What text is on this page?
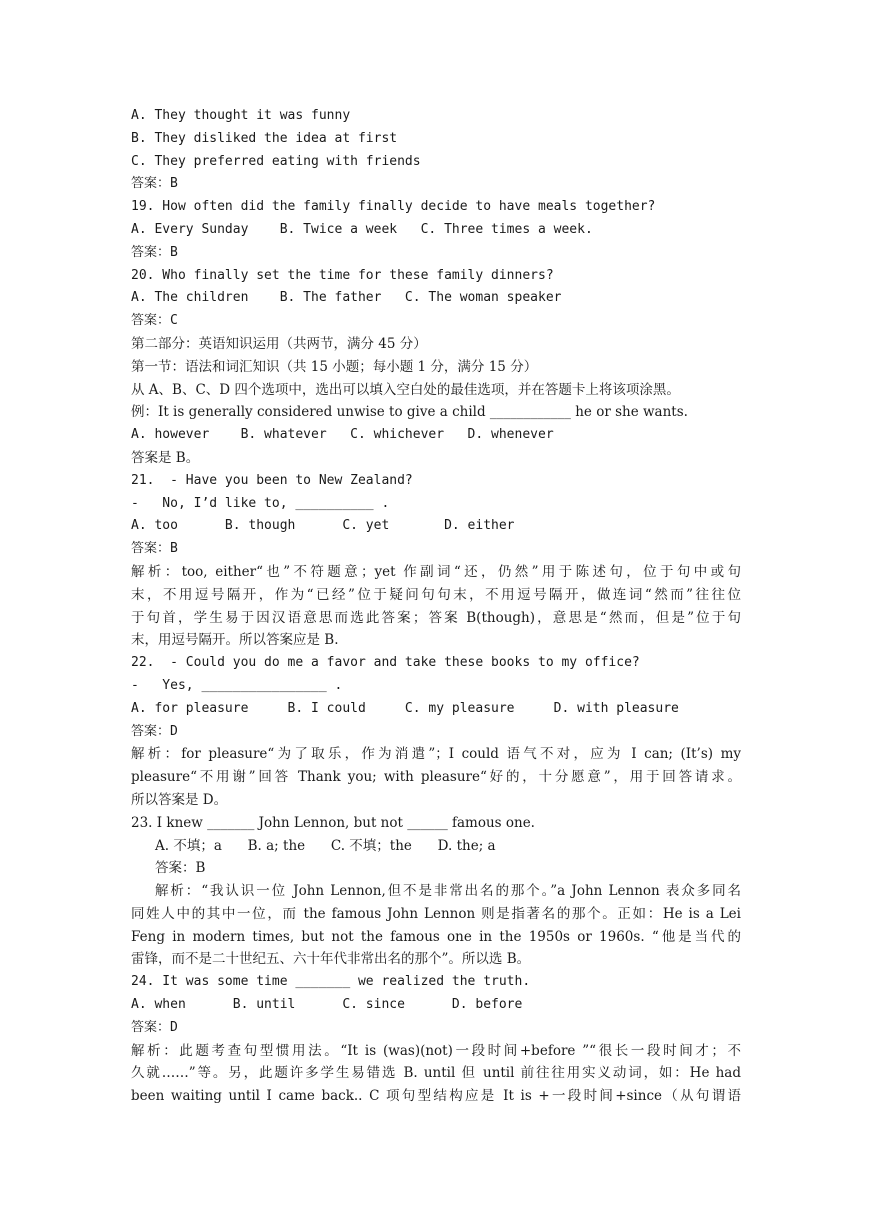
A. They thought it was funny
B. They disliked the idea at first
C. They preferred eating with friends
答案：B
19. How often did the family finally decide to have meals together?
A. Every Sunday    B. Twice a week   C. Three times a week.
答案：B
20. Who finally set the time for these family dinners?
A. The children    B. The father   C. The woman speaker
答案：C
第二部分：英语知识运用（共两节，满分 45 分）
第一节：语法和词汇知识（共 15 小题；每小题 1 分，满分 15 分）
从 A、B、C、D 四个选项中，选出可以填入空白处的最佳选项，并在答题卡上将该项涂黑。
例：It is generally considered unwise to give a child ____________ he or she wants.
A. however    B. whatever   C. whichever   D. whenever
答案是 B。
21.  - Have you been to New Zealand?
-   No, I’d like to, __________ .
A. too      B. though      C. yet       D. either
答案：B
解析：too, either“也”不符题意；yet 作副词“还，仍然”用于陈述句，位于句中或句
末，不用逗号隔开，作为“已经”位于疑问句句末，不用逗号隔开，做连词“然而”往往位
于句首，学生易于因汉语意思而选此答案；答案 B(though)，意思是“然而，但是”位于句
末，用逗号隔开。所以答案应是 B.
22.  - Could you do me a favor and take these books to my office?
-   Yes, ________________ .
A. for pleasure     B. I could     C. my pleasure     D. with pleasure
答案：D
解析：for pleasure“为了取乐，作为消遣”；I could 语气不对，应为 I can; (It’s) my
pleasure“不用谢”回答 Thank you; with pleasure“好的，十分愿意”，用于回答请求。
所以答案是 D。
23. I knew _______ John Lennon, but not ______ famous one.
A. 不填；a      B. a; the      C. 不填；the      D. the; a
答案：B
解析：“我认识一位 John Lennon,但不是非常出名的那个。”a John Lennon 表众多同名
同姓人中的其中一位，而 the famous John Lennon 则是指著名的那个。正如：He is a Lei
Feng in modern times, but not the famous one in the 1950s or 1960s. “他是当代的
雷锋，而不是二十世纪五、六十年代非常出名的那个”。所以选 B。
24. It was some time _______ we realized the truth.
A. when      B. until      C. since      D. before
答案：D
解析：此题考查句型惯用法。“It is (was)(not)一段时间+before ”“很长一段时间才；不
久就……”等。另，此题许多学生易错选 B. until 但 until 前往往用实义动词，如：He had
been waiting until I came back.. C 项句型结构应是 It is +一段时间+since（从句谓语
